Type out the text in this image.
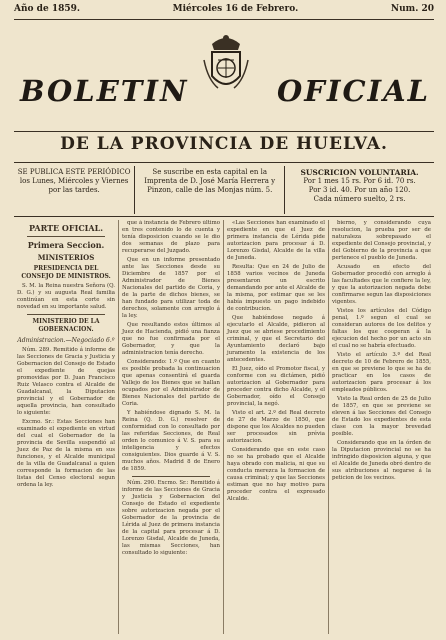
Año de 1859.	Miércoles 16 de Febrero.	Num. 20
BOLETIN	OFICIAL
DE LA PROVINCIA DE HUELVA.
SE PUBLICA ESTE PERIÓDICO los Lunes, Miércoles y Viernes por las tardes.
Se suscribe en esta capital en la Imprenta de D. José María Herrera y Pinzon, calle de las Monjas núm. 5.
SUSCRICION VOLUNTARIA.
Por 1 mes 15 rs. Por 6 id. 70 rs.
Por 3 id. 40. Por un año 120.
Cada número suelto, 2 rs.
PARTE OFICIAL.
Primera Seccion.
MINISTERIOS
PRESIDENCIA DEL CONSEJO DE MINISTROS.

S. M. la Reina nuestra Señora (Q. D. G.) y su augusta Real familia continúan en esta corte sin novedad en su importante salud.

MINISTERIO DE LA GOBERNACION.
Administracion.—Negociado 6.º

Núm. 289. Remitido á informe de las Secciones de Gracia y Justicia y Gobernacion del Consejo de Estado el expediente de quejas promovidas por D. Juan Francisco Ruiz Velasco contra el Alcalde de Guadalcanal, la Diputacion provincial y el Gobernador de aquella provincia, han consultado lo siguiente:

Excmo. Sr.: Estas Secciones han examinado el expediente en virtud del cual el Gobernador de la provincia de Sevilla suspendió al Juez de Paz de la misma en sus funciones, y el Alcalde municipal de la villa de Guadalcanal a quien corresponde la formacion de las listas del Censo electoral segun ordena la ley.

que á instancia de Febrero último en tres contenido lo de cuenta y tenía disposicion cuando se le dio dos semanas de plazo para recuperarse del Juzgado.

Que en un informe presentado ante las Secciones desde su Diciembre de 1857 por el Administrador de Bienes Nacionales del partido de Coria, y de la parte de dichos bienes, se han fundado para utilizar toda de derechos, solamente con arreglo á la ley.

Que resultando estos últimos al Juez de Hacienda, pidió una fianza que no fue confirmada por el Gobernador, y que la administracion tenía derecho.

Considerando: 1.º Que en cuanto es posible probada la continuacion que apenas consentirá el guarda Vallejo de los Bienes que se hallan ocupados por el Administrador de Bienes Nacionales del partido de Coria.

Y habiéndose dignado S. M. la Reina (Q. D. G.) resolver de conformidad con lo consultado por las referidas Secciones, de Real orden lo comunico á V. S. para su inteligencia y efectos consiguientes. Dios guarde á V. S. muchos años. Madrid 8 de Enero de 1859.

Núm. 290. Excmo. Sr.: Remitido á informe de las Secciones de Gracia y Justicia y Gobernacion del Consejo de Estado el expediente sobre autorizacion negada por el Gobernador de la provincia de Lérida al Juez de primera instancia de la capital para procesar á D. Lorenzo Gisdal, Alcalde de Juneda, las mismas Secciones, han consultado lo siguiente:

«Las Secciones han examinado el expediente en que el Juez de primera instancia de Lérida pide autorizacion para procesar á D. Lorenzo Gisdal, Alcalde de la villa de Juneda.

Resulta: Que en 24 de Julio de 1858 varios vecinos de Juneda presentaron un escrito demandando por ante el Alcalde de la misma, por estimar que se les había impuesto un pago indebido de contribucion.

Que habiéndose negado á ejecutarlo el Alcalde, pidieron al Juez que se abriese procedimiento criminal, y que el Secretario del Ayuntamiento declaró bajo juramento la existencia de los antecedentes.

El Juez, oído el Promotor fiscal, y conforme con su dictámen, pidió autorizacion al Gobernador para proceder contra dicho Alcalde, y el Gobernador, oído el Consejo provincial, la negó.

Visto el art. 2.º del Real decreto de 27 de Marzo de 1850, que dispone que los Alcaldes no pueden ser procesados sin prévia autorizacion.

Considerando que en este caso no se ha probado que el Alcalde haya obrado con malicia, ni que su conducta merezca la formacion de causa criminal; y que las Secciones estiman que no hay motivo para proceder contra el expresado Alcalde.

bierno, y considerando cuya resolucion, la prueba por ser de naturaleza sobrepasado el expediente del Consejo provincial, y del Gobierno de la provincia a que pertenece el pueblo de Juneda.

Acusado en efecto del Gobernador procedió con arreglo á las facultades que le confiere la ley, y que la autorizacion negada debe confirmarse segun las disposiciones vigentes.

Vistos los artículos del Código penal, 1.º segun el cual se consideran autores de los delitos y faltas los que cooperan á la ejecucion del hecho por un acto sin el cual no se habría efectuado.

Visto el artículo 3.º del Real decreto de 10 de Febrero de 1855, en que se previene lo que se ha de practicar en los casos de autorizacion para procesar á los empleados públicos.

Visto la Real orden de 25 de Julio de 1857, en que se previene se eleven á las Secciones del Consejo de Estado los expedientes de esta clase con la mayor brevedad posible.

Considerando que en la órden de la Diputacion provincial no se ha infringido disposicion alguna, y que el Alcalde de Juneda obró dentro de sus atribuciones al negarse á la peticion de los vecinos.
